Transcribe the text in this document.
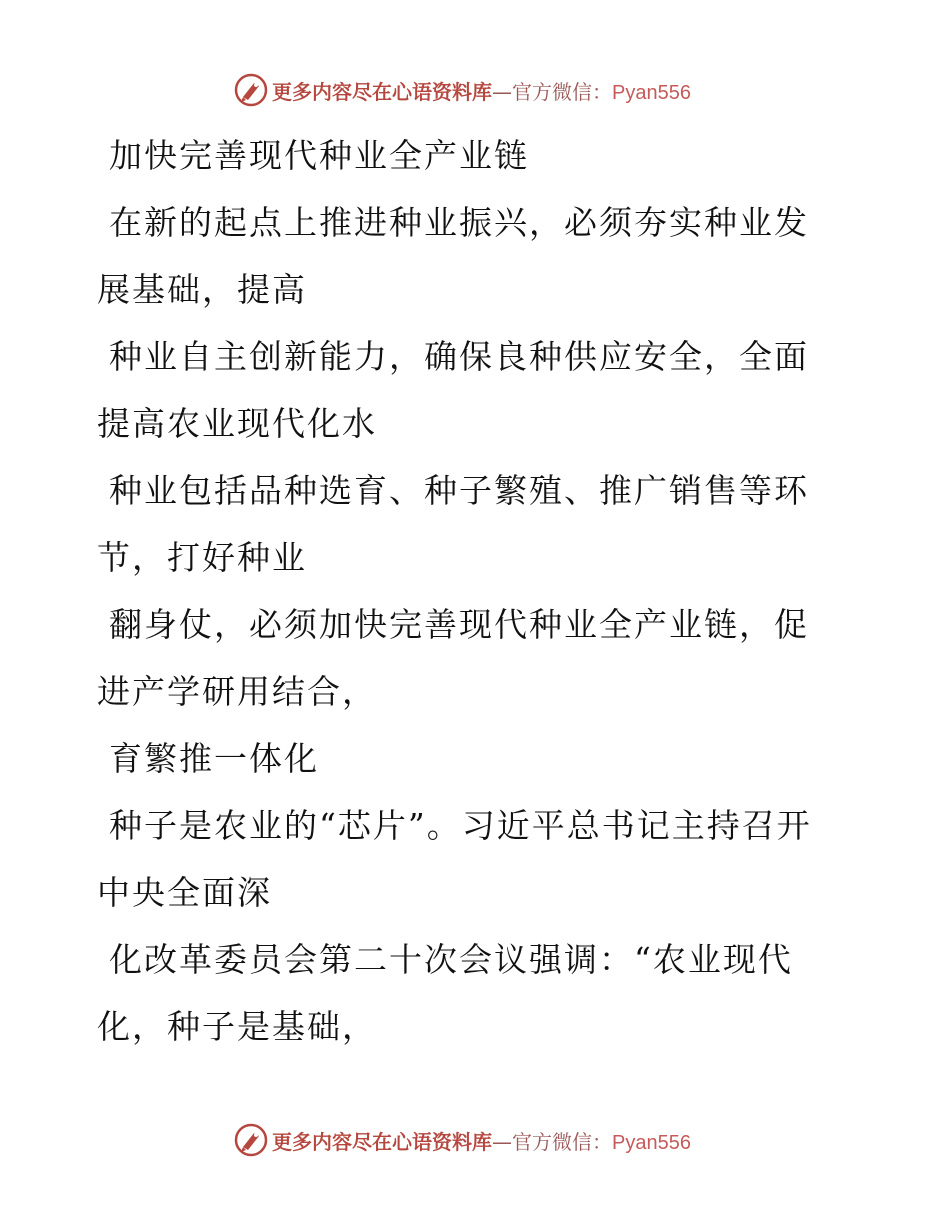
更多内容尽在心语资料库—官方微信：Pyan556

加快完善现代种业全产业链

在新的起点上推进种业振兴，必须夯实种业发展基础，提高

种业自主创新能力，确保良种供应安全，全面提高农业现代化水

种业包括品种选育、种子繁殖、推广销售等环节，打好种业

翻身仗，必须加快完善现代种业全产业链，促进产学研用结合，

育繁推一体化

种子是农业的“芯片”。习近平总书记主持召开中央全面深

化改革委员会第二十次会议强调：“农业现代化，种子是基础，

更多内容尽在心语资料库—官方微信：Pyan556
